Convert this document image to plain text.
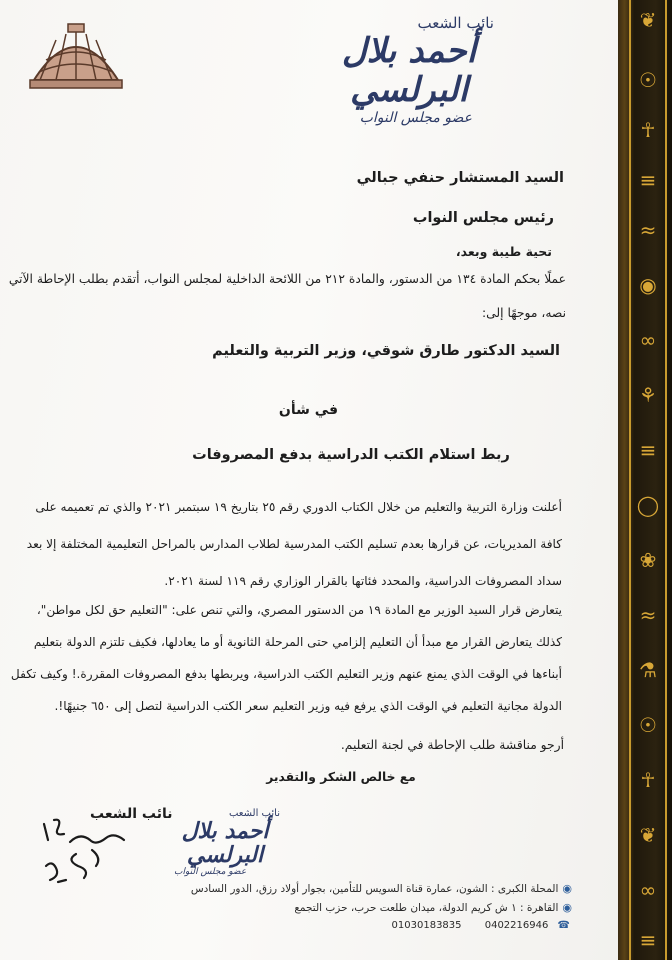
نائب الشعب
أحمد بلال البرلسي
عضو مجلس النواب
السيد المستشار حنفي جبالي
رئيس مجلس النواب
تحية طيبة وبعد،
عملًا بحكم المادة ١٣٤ من الدستور، والمادة ٢١٢ من اللائحة الداخلية لمجلس النواب، أتقدم بطلب الإحاطة الآتي
نصه، موجهًا إلى:
السيد الدكتور طارق شوقي، وزير التربية والتعليم
في شأن
ربط استلام الكتب الدراسية بدفع المصروفات
أعلنت وزارة التربية والتعليم من خلال الكتاب الدوري رقم ٢٥ بتاريخ ١٩ سبتمبر ٢٠٢١ والذي تم تعميمه على
كافة المديريات، عن قرارها بعدم تسليم الكتب المدرسية لطلاب المدارس بالمراحل التعليمية المختلفة إلا بعد
سداد المصروفات الدراسية، والمحدد فئاتها بالقرار الوزاري رقم ١١٩ لسنة ٢٠٢١.
يتعارض قرار السيد الوزير مع المادة ١٩ من الدستور المصري، والتي تنص على: "التعليم حق لكل مواطن"،
كذلك يتعارض القرار مع مبدأ أن التعليم إلزامي حتى المرحلة الثانوية أو ما يعادلها، فكيف تلتزم الدولة بتعليم
أبناءها في الوقت الذي يمنع عنهم وزير التعليم الكتب الدراسية، ويربطها بدفع المصروفات المقررة.! وكيف تكفل
الدولة مجانية التعليم في الوقت الذي يرفع فيه وزير التعليم سعر الكتب الدراسية لتصل إلى ٦٥٠ جنيهًا!.
أرجو مناقشة طلب الإحاطة في لجنة التعليم.
مع خالص الشكر والتقدير
نائب الشعب	نائب الشعب
أحمد بلال البرلسي
عضو مجلس النواب
◉المحلة الكبرى : الشون، عمارة قناة السويس للتأمين، بجوار أولاد رزق، الدور السادس
◉القاهرة : ١ ش كريم الدولة، ميدان طلعت حرب، حزب التجمع
01030183835 0402216946 ☎
❦
☉
☥
≡
≈
◉
∞
⚘
≡
◯
❀
≈
⚗
☉
☥
❦
∞
≡
